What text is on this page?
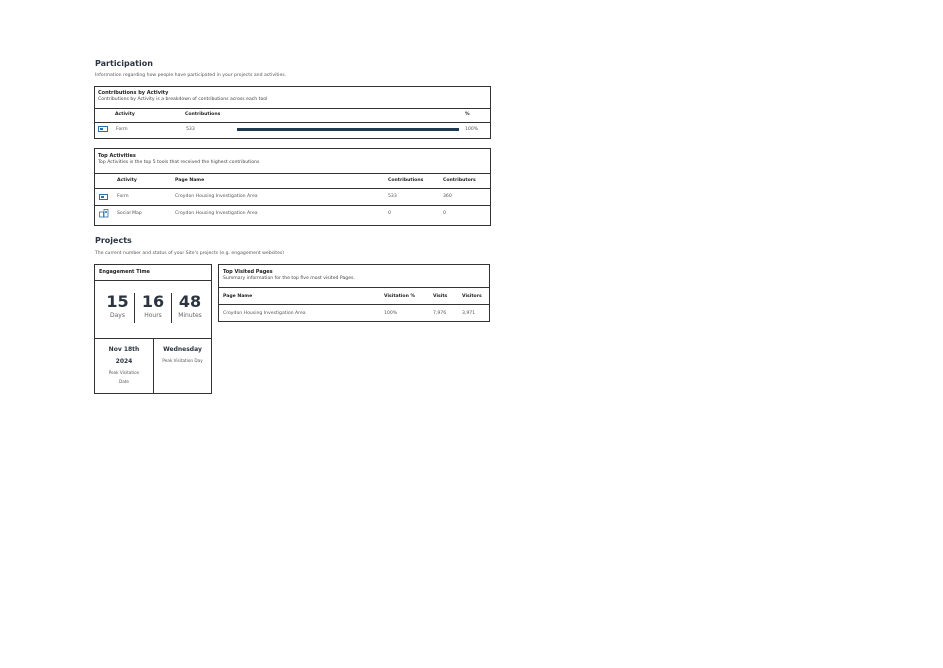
Participation
Information regarding how people have participated in your projects and activities.
Contributions by Activity
Contributions by Activity is a breakdown of contributions across each tool
Activity	Contributions	%
Form	533	100%
Top Activities
Top Activities is the top 5 tools that received the highest contributions
Activity	Page Name	Contributions	Contributors
Form	Croydon Housing Investigation Area	533	360
Social Map	Croydon Housing Investigation Area	0	0
Projects
The current number and status of your Site's projects (e.g. engagement websites)
Engagement Time
15
Days
16
Hours
48
Minutes
Nov 18th
2024
Peak Visitation
Date
Wednesday
Peak Visitation Day
Top Visited Pages
Summary information for the top five most visited Pages.
Page Name	Visitation %	Visits	Visitors
Croydon Housing Investigation Area	100%	7,976	3,971
